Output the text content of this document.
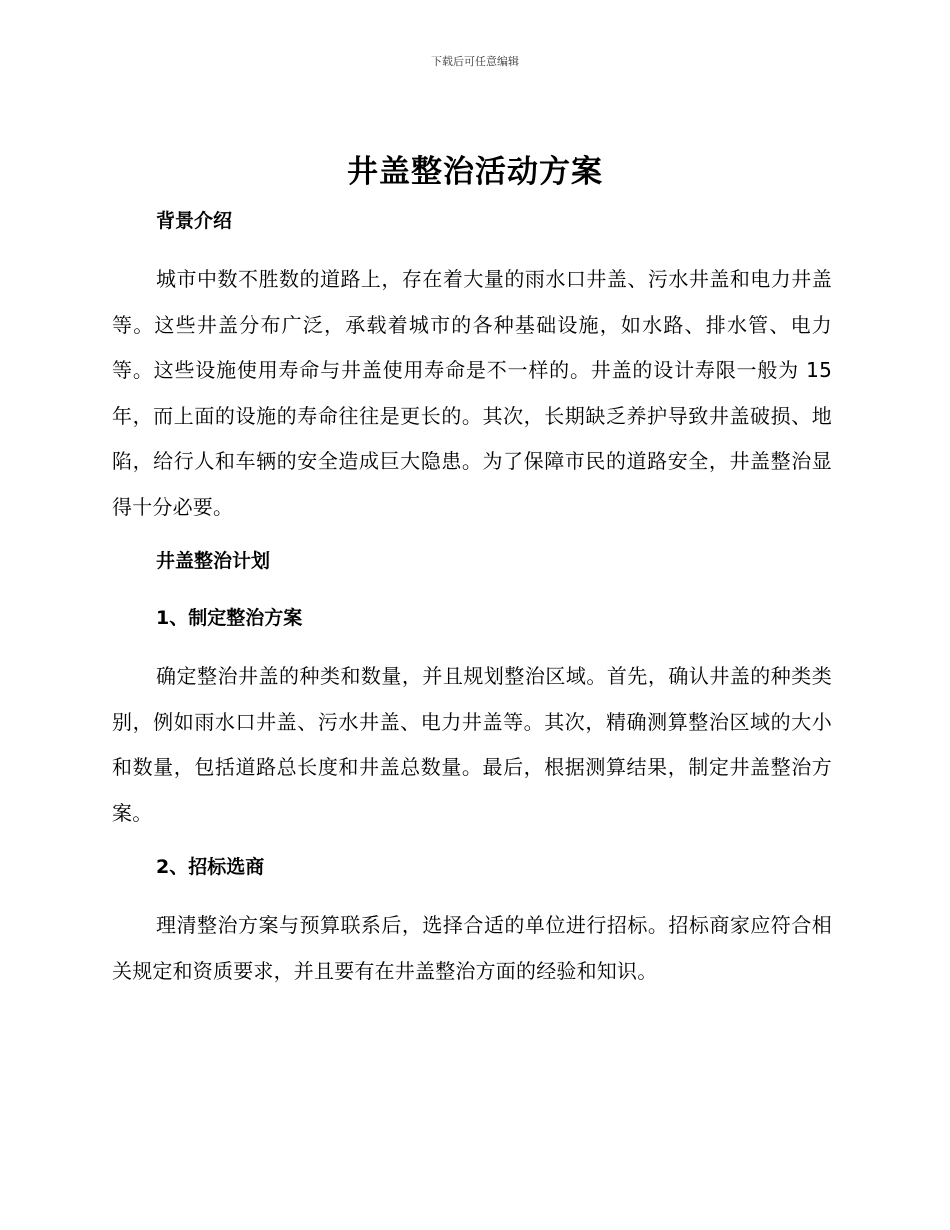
下载后可任意编辑
井盖整治活动方案
背景介绍

城市中数不胜数的道路上，存在着大量的雨水口井盖、污水井盖和电力井盖等。这些井盖分布广泛，承载着城市的各种基础设施，如水路、排水管、电力等。这些设施使用寿命与井盖使用寿命是不一样的。井盖的设计寿限一般为 15 年，而上面的设施的寿命往往是更长的。其次，长期缺乏养护导致井盖破损、地陷，给行人和车辆的安全造成巨大隐患。为了保障市民的道路安全，井盖整治显得十分必要。

井盖整治计划
1、制定整治方案

确定整治井盖的种类和数量，并且规划整治区域。首先，确认井盖的种类类别，例如雨水口井盖、污水井盖、电力井盖等。其次，精确测算整治区域的大小和数量，包括道路总长度和井盖总数量。最后，根据测算结果，制定井盖整治方案。

2、招标选商

理清整治方案与预算联系后，选择合适的单位进行招标。招标商家应符合相关规定和资质要求，并且要有在井盖整治方面的经验和知识。
